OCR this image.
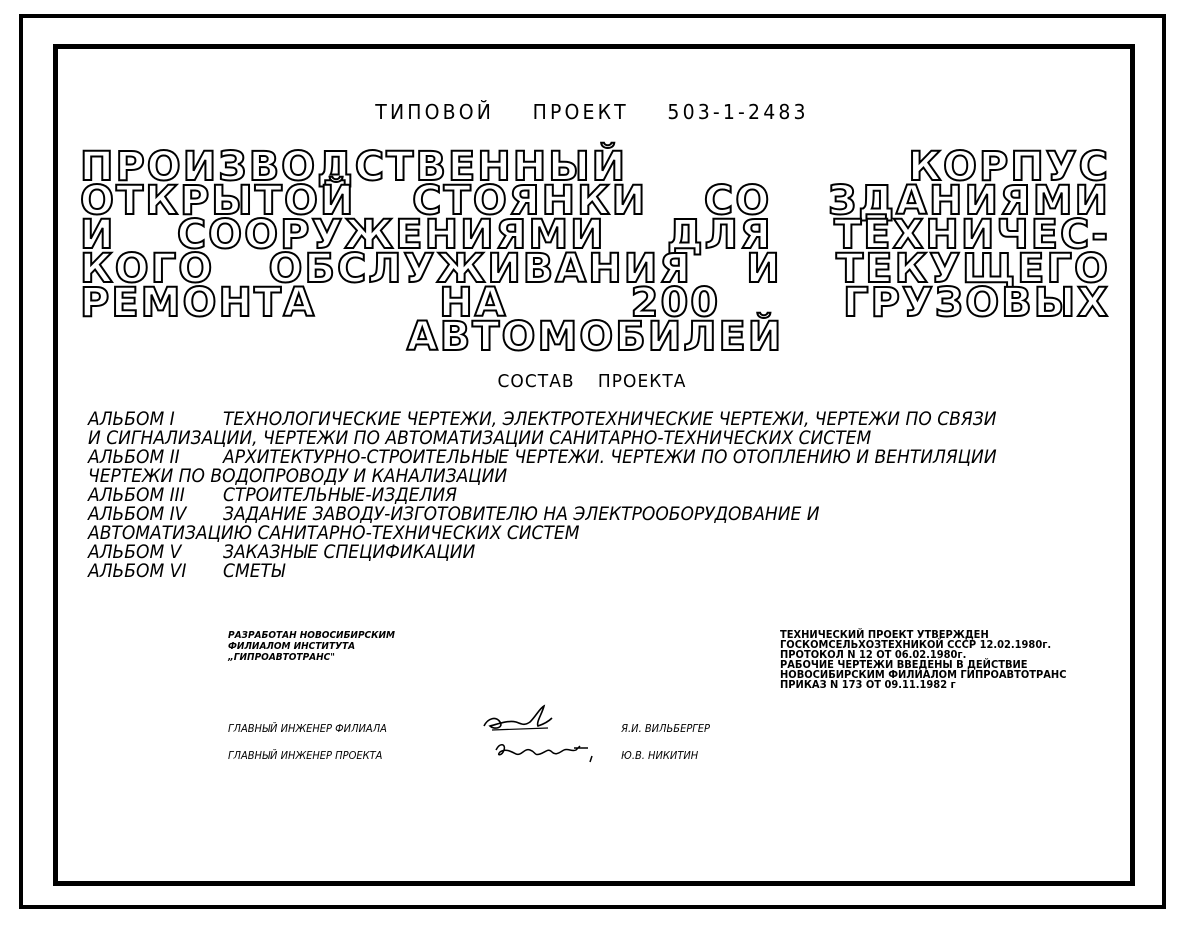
ТИПОВОЙ ПРОЕКТ 503-1-2483
ПРОИЗВОДСТВЕННЫЙ КОРПУС
ОТКРЫТОЙ СТОЯНКИ СО ЗДАНИЯМИ
И СООРУЖЕНИЯМИ ДЛЯ ТЕХНИЧЕС-
КОГО ОБСЛУЖИВАНИЯ И ТЕКУЩЕГО
РЕМОНТА НА 200 ГРУЗОВЫХ
АВТОМОБИЛЕЙ
СОСТАВ ПРОЕКТА
АЛЬБОМ I	ТЕХНОЛОГИЧЕСКИЕ ЧЕРТЕЖИ, ЭЛЕКТРОТЕХНИЧЕСКИЕ ЧЕРТЕЖИ, ЧЕРТЕЖИ ПО СВЯЗИ
И СИГНАЛИЗАЦИИ, ЧЕРТЕЖИ ПО АВТОМАТИЗАЦИИ САНИТАРНО-ТЕХНИЧЕСКИХ СИСТЕМ
АЛЬБОМ II АРХИТЕКТУРНО-СТРОИТЕЛЬНЫЕ ЧЕРТЕЖИ. ЧЕРТЕЖИ ПО ОТОПЛЕНИЮ И ВЕНТИЛЯЦИИ
ЧЕРТЕЖИ ПО ВОДОПРОВОДУ И КАНАЛИЗАЦИИ
АЛЬБОМ III СТРОИТЕЛЬНЫЕ-ИЗДЕЛИЯ
АЛЬБОМ IV ЗАДАНИЕ ЗАВОДУ-ИЗГОТОВИТЕЛЮ НА ЭЛЕКТРООБОРУДОВАНИЕ И
АВТОМАТИЗАЦИЮ САНИТАРНО-ТЕХНИЧЕСКИХ СИСТЕМ
АЛЬБОМ V ЗАКАЗНЫЕ СПЕЦИФИКАЦИИ
АЛЬБОМ VI СМЕТЫ
РАЗРАБОТАН НОВОСИБИРСКИМ
ФИЛИАЛОМ ИНСТИТУТА
„ГИПРОАВТОТРАНС"
ТЕХНИЧЕСКИЙ ПРОЕКТ УТВЕРЖДЕН
ГОСКОМСЕЛЬХОЗТЕХНИКОЙ СССР 12.02.1980г.
ПРОТОКОЛ N 12 ОТ 06.02.1980г.
РАБОЧИЕ ЧЕРТЕЖИ ВВЕДЕНЫ В ДЕЙСТВИЕ
НОВОСИБИРСКИМ ФИЛИАЛОМ ГИПРОАВТОТРАНС
ПРИКАЗ N 173 ОТ 09.11.1982 г
ГЛАВНЫЙ ИНЖЕНЕР ФИЛИАЛА	Я.И. ВИЛЬБЕРГЕР
ГЛАВНЫЙ ИНЖЕНЕР ПРОЕКТА	Ю.В. НИКИТИН
